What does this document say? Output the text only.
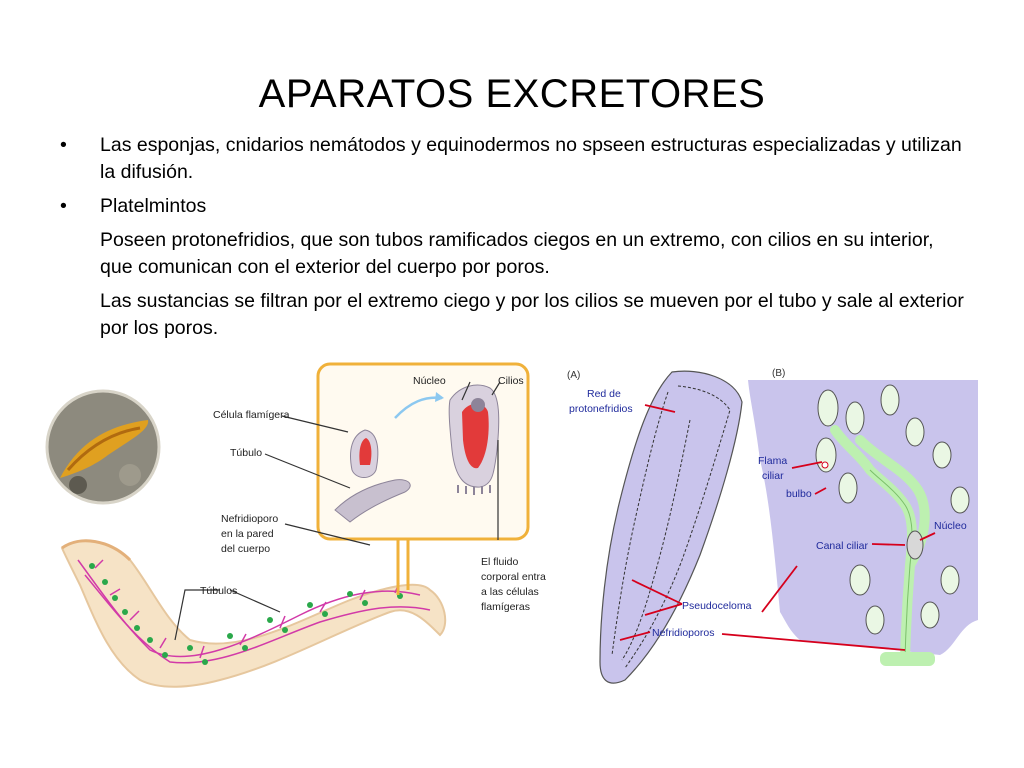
APARATOS EXCRETORES
• Las esponjas, cnidarios nemátodos y equinodermos no spseen estructuras especializadas y utilizan la difusión.
• Platelmintos
Poseen protonefridios, que son tubos ramificados ciegos en un extremo, con cilios en su interior, que comunican con el exterior del cuerpo por poros.
Las sustancias se filtran por el extremo ciego y por los cilios se mueven por el tubo y sale al exterior por los poros.
Núcleo	Cilios
Célula flamígera
Túbulo
Nefridioporo
en la pared
del cuerpo
Túbulos
El fluido
corporal entra
a las células
flamígeras
(A)	(B)
Red de
protonefridios
Flama
ciliar
bulbo
Núcleo
Canal ciliar
Pseudoceloma
Nefridioporos
